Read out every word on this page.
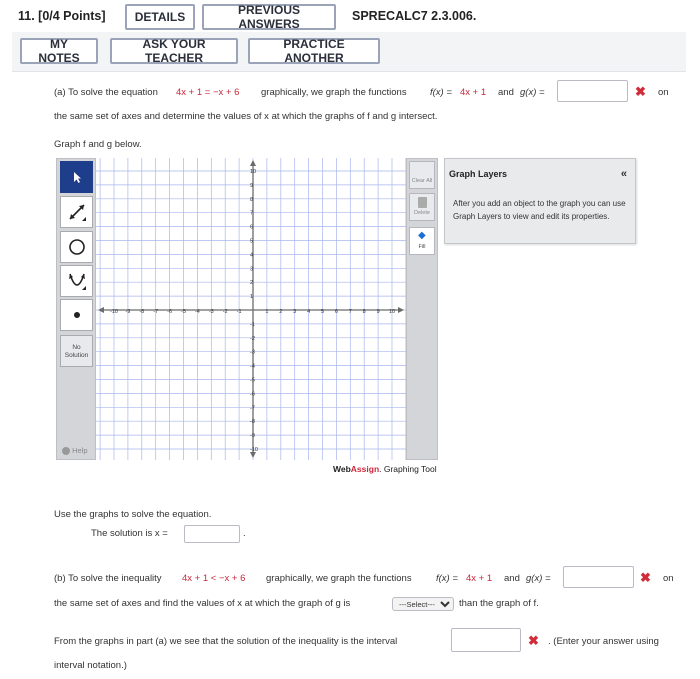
11. [0/4 Points]	DETAILS	PREVIOUS ANSWERS
SPRECALC7 2.3.006.
MY NOTES
ASK YOUR TEACHER
PRACTICE ANOTHER
(a) To solve the equation 4x + 1 = −x + 6 graphically, we graph the functions f(x) = 4x + 1 and g(x) =	✖ on
the same set of axes and determine the values of x at which the graphs of f and g intersect.
Graph f and g below.
No
Solution
Help
-10 -9 -8 -7 -6 -5 -4 -3 -2 -1	1 2 3 4 5 6 7 8 9 10
10
9
8
7
6
5
4
3
2
1
-1
-2
-3
-4
-5
-6
-7
-8
-9
-10
Clear All
Delete
◆
Fill
Graph Layers	«
After you add an object to the graph you can use Graph Layers to view and edit its properties.
WebAssign. Graphing Tool
Use the graphs to solve the equation.
The solution is x =	.
(b) To solve the inequality 4x + 1 < −x + 6 graphically, we graph the functions	f(x) = 4x + 1 and g(x) =	✖ on
the same set of axes and find the values of x at which the graph of g is
---Select---	than the graph of f.
From the graphs in part (a) we see that the solution of the inequality is the interval	✖ . (Enter your answer using
interval notation.)
